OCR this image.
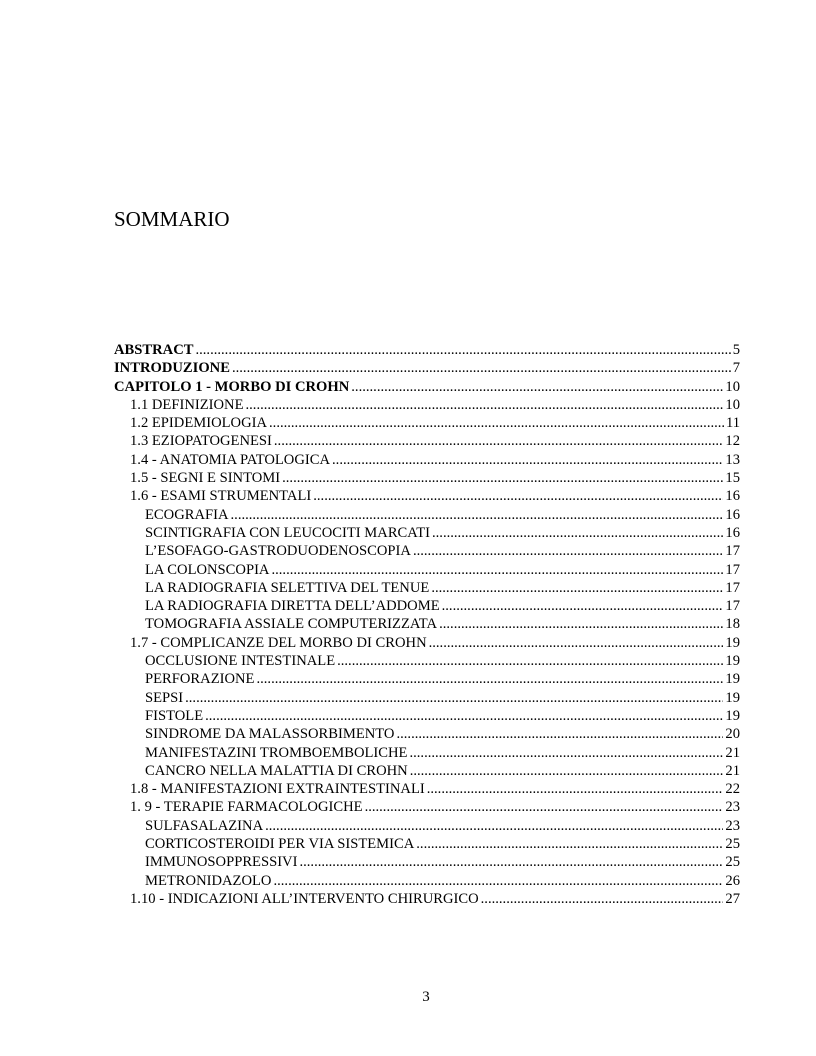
SOMMARIO
ABSTRACT .....	5
INTRODUZIONE .....	7
CAPITOLO 1 - MORBO DI CROHN .....	10
1.1 DEFINIZIONE .....	10
1.2 EPIDEMIOLOGIA .....	11
1.3 EZIOPATOGENESI .....	12
1.4 - ANATOMIA PATOLOGICA .....	13
1.5 - SEGNI E SINTOMI .....	15
1.6 - ESAMI STRUMENTALI .....	16
ECOGRAFIA .....	16
SCINTIGRAFIA CON LEUCOCITI MARCATI .....	16
L’ESOFAGO-GASTRODUODENOSCOPIA .....	17
LA COLONSCOPIA .....	17
LA RADIOGRAFIA SELETTIVA DEL TENUE .....	17
LA RADIOGRAFIA DIRETTA DELL’ADDOME .....	17
TOMOGRAFIA ASSIALE COMPUTERIZZATA .....	18
1.7 - COMPLICANZE DEL MORBO DI CROHN .....	19
OCCLUSIONE INTESTINALE .....	19
PERFORAZIONE .....	19
SEPSI .....	19
FISTOLE .....	19
SINDROME DA MALASSORBIMENTO .....	20
MANIFESTAZINI TROMBOEMBOLICHE .....	21
CANCRO NELLA MALATTIA DI CROHN .....	21
1.8 - MANIFESTAZIONI EXTRAINTESTINALI .....	22
1. 9 - TERAPIE FARMACOLOGICHE .....	23
SULFASALAZINA .....	23
CORTICOSTEROIDI PER VIA SISTEMICA .....	25
IMMUNOSOPPRESSIVI .....	25
METRONIDAZOLO .....	26
1.10 - INDICAZIONI ALL’INTERVENTO CHIRURGICO .....	27
3
